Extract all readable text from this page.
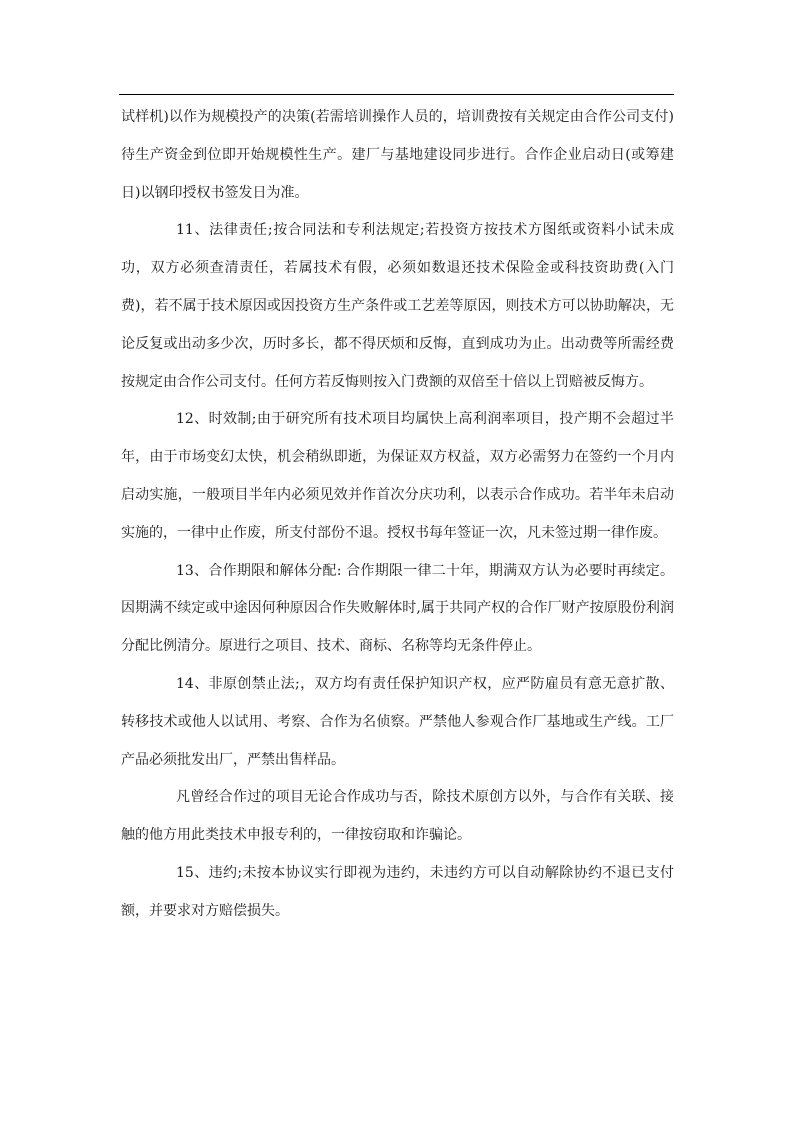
试样机)以作为规模投产的决策(若需培训操作人员的，培训费按有关规定由合作公司支付)待生产资金到位即开始规模性生产。建厂与基地建设同步进行。合作企业启动日(或筹建日)以钢印授权书签发日为准。

11、法律责任;按合同法和专利法规定;若投资方按技术方图纸或资料小试未成功，双方必须查清责任，若属技术有假，必须如数退还技术保险金或科技资助费(入门费)，若不属于技术原因或因投资方生产条件或工艺差等原因，则技术方可以协助解决，无论反复或出动多少次，历时多长，都不得厌烦和反悔，直到成功为止。出动费等所需经费按规定由合作公司支付。任何方若反悔则按入门费额的双倍至十倍以上罚赔被反悔方。

12、时效制;由于研究所有技术项目均属快上高利润率项目，投产期不会超过半年，由于市场变幻太快，机会稍纵即逝，为保证双方权益，双方必需努力在签约一个月内启动实施，一般项目半年内必须见效并作首次分庆功利，以表示合作成功。若半年未启动实施的，一律中止作废，所支付部份不退。授权书每年签证一次，凡未签过期一律作废。

13、合作期限和解体分配: 合作期限一律二十年，期满双方认为必要时再续定。因期满不续定或中途因何种原因合作失败解体时,属于共同产权的合作厂财产按原股份利润分配比例清分。原进行之项目、技术、商标、名称等均无条件停止。

14、非原创禁止法;，双方均有责任保护知识产权，应严防雇员有意无意扩散、转移技术或他人以试用、考察、合作为名侦察。严禁他人参观合作厂基地或生产线。工厂产品必须批发出厂，严禁出售样品。

凡曾经合作过的项目无论合作成功与否，除技术原创方以外，与合作有关联、接触的他方用此类技术申报专利的，一律按窃取和诈骗论。

15、违约;未按本协议实行即视为违约，未违约方可以自动解除协约不退已支付额，并要求对方赔偿损失。
